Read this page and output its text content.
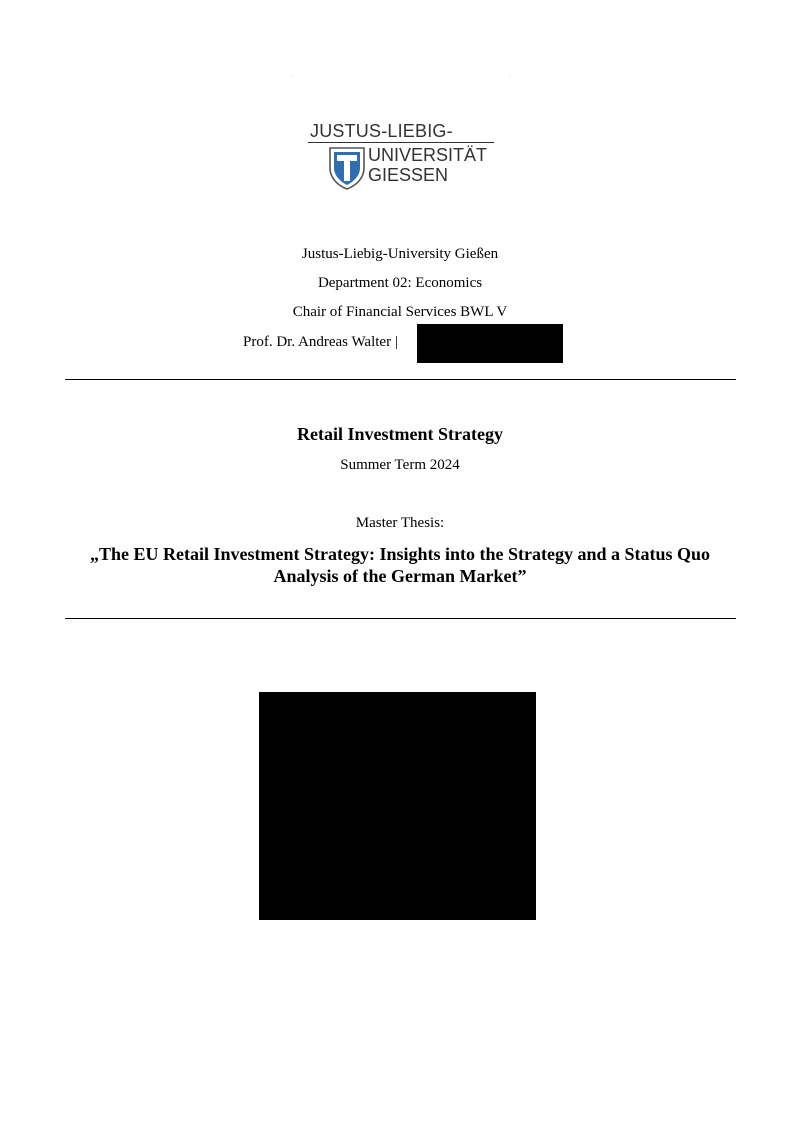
JUSTUS-LIEBIG-
UNIVERSITÄT
GIESSEN
Justus-Liebig-University Gießen
Department 02: Economics
Chair of Financial Services BWL V
Prof. Dr. Andreas Walter |
Retail Investment Strategy
Summer Term 2024
Master Thesis:
„The EU Retail Investment Strategy: Insights into the Strategy and a Status Quo
Analysis of the German Market”
